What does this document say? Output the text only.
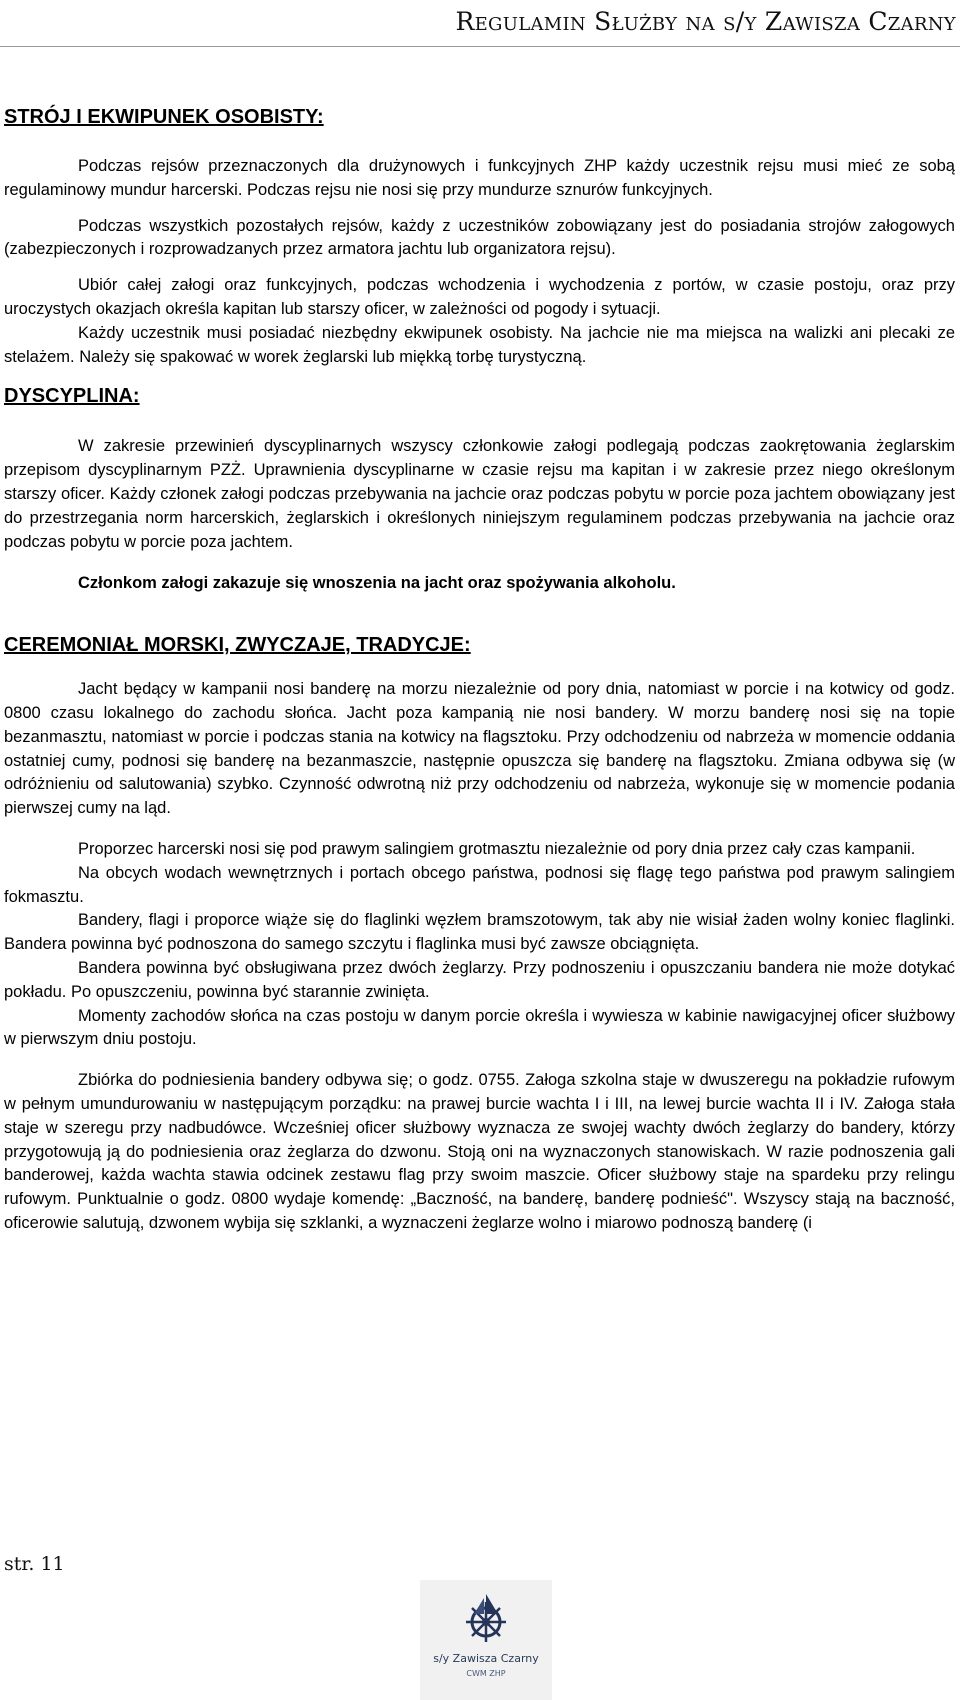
Regulamin Służby na s/y Zawisza Czarny
STRÓJ I EKWIPUNEK OSOBISTY:

Podczas rejsów przeznaczonych dla drużynowych i funkcyjnych ZHP każdy uczestnik rejsu musi mieć ze sobą regulaminowy mundur harcerski. Podczas rejsu nie nosi się przy mundurze sznurów funkcyjnych.

Podczas wszystkich pozostałych rejsów, każdy z uczestników zobowiązany jest do posiadania strojów załogowych (zabezpieczonych i rozprowadzanych przez armatora jachtu lub organizatora rejsu).

Ubiór całej załogi oraz funkcyjnych, podczas wchodzenia i wychodzenia z portów, w czasie postoju, oraz przy uroczystych okazjach określa kapitan lub starszy oficer, w zależności od pogody i sytuacji.

Każdy uczestnik musi posiadać niezbędny ekwipunek osobisty. Na jachcie nie ma miejsca na walizki ani plecaki ze stelażem. Należy się spakować w worek żeglarski lub miękką torbę turystyczną.

DYSCYPLINA:

W zakresie przewinień dyscyplinarnych wszyscy członkowie załogi podlegają podczas zaokrętowania żeglarskim przepisom dyscyplinarnym PZŻ. Uprawnienia dyscyplinarne w czasie rejsu ma kapitan i w zakresie przez niego określonym starszy oficer. Każdy członek załogi podczas przebywania na jachcie oraz podczas pobytu w porcie poza jachtem obowiązany jest do przestrzegania norm harcerskich, żeglarskich i określonych niniejszym regulaminem podczas przebywania na jachcie oraz podczas pobytu w porcie poza jachtem.

Członkom załogi zakazuje się wnoszenia na jacht oraz spożywania alkoholu.

CEREMONIAŁ MORSKI, ZWYCZAJE, TRADYCJE:

Jacht będący w kampanii nosi banderę na morzu niezależnie od pory dnia, natomiast w porcie i na kotwicy od godz. 0800 czasu lokalnego do zachodu słońca. Jacht poza kampanią nie nosi bandery. W morzu banderę nosi się na topie bezanmasztu, natomiast w porcie i podczas stania na kotwicy na flagsztoku. Przy odchodzeniu od nabrzeża w momencie oddania ostatniej cumy, podnosi się banderę na bezanmaszcie, następnie opuszcza się banderę na flagsztoku. Zmiana odbywa się (w odróżnieniu od salutowania) szybko. Czynność odwrotną niż przy odchodzeniu od nabrzeża, wykonuje się w momencie podania pierwszej cumy na ląd.

Proporzec harcerski nosi się pod prawym salingiem grotmasztu niezależnie od pory dnia przez cały czas kampanii.

Na obcych wodach wewnętrznych i portach obcego państwa, podnosi się flagę tego państwa pod prawym salingiem fokmasztu.

Bandery, flagi i proporce wiąże się do flaglinki węzłem bramszotowym, tak aby nie wisiał żaden wolny koniec flaglinki. Bandera powinna być podnoszona do samego szczytu i flaglinka musi być zawsze obciągnięta.

Bandera powinna być obsługiwana przez dwóch żeglarzy. Przy podnoszeniu i opuszczaniu bandera nie może dotykać pokładu. Po opuszczeniu, powinna być starannie zwinięta.

Momenty zachodów słońca na czas postoju w danym porcie określa i wywiesza w kabinie nawigacyjnej oficer służbowy w pierwszym dniu postoju.

Zbiórka do podniesienia bandery odbywa się; o godz. 0755. Załoga szkolna staje w dwuszeregu na pokładzie rufowym w pełnym umundurowaniu w następującym porządku: na prawej burcie wachta I i III, na lewej burcie wachta II i IV. Załoga stała staje w szeregu przy nadbudówce. Wcześniej oficer służbowy wyznacza ze swojej wachty dwóch żeglarzy do bandery, którzy przygotowują ją do podniesienia oraz żeglarza do dzwonu. Stoją oni na wyznaczonych stanowiskach. W razie podnoszenia gali banderowej, każda wachta stawia odcinek zestawu flag przy swoim maszcie. Oficer służbowy staje na spardeku przy relingu rufowym. Punktualnie o godz. 0800 wydaje komendę: „Baczność, na banderę, banderę podnieść". Wszyscy stają na baczność, oficerowie salutują, dzwonem wybija się szklanki, a wyznaczeni żeglarze wolno i miarowo podnoszą banderę (i

str. 11
s/y Zawisza Czarny
CWM ZHP
